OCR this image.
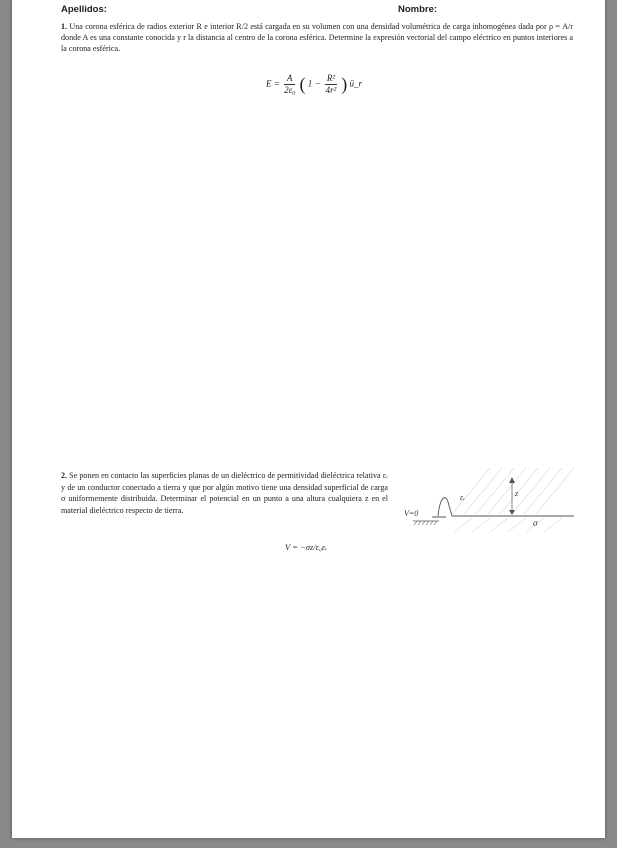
Apellidos:	Nombre:
1. Una corona esférica de radios exterior R e interior R/2 está cargada en su volumen con una densidad volumétrica de carga inhomogénea dada por ρ = A/r donde A es una constante conocida y r la distancia al centro de la corona esférica. Determine la expresión vectorial del campo eléctrico en puntos interiores a la corona esférica.
$E = \frac{A}{\text{2ε₀}}$ ( $1 - \frac{\text{R²}}{\text{4r²}}$ ) ū_r
2. Se ponen en contacto las superficies planas de un dieléctrico de permitividad dieléctrica relativa εᵣ y de un conductor conectado a tierra y que por algún motivo tiene una densidad superficial de carga σ uniformemente distribuida. Determinar el potencial en un punto a una altura cualquiera z en el material dieléctrico respecto de tierra.
V = −σz/ε₀εᵣ
V=0
εᵣ	z
σ
